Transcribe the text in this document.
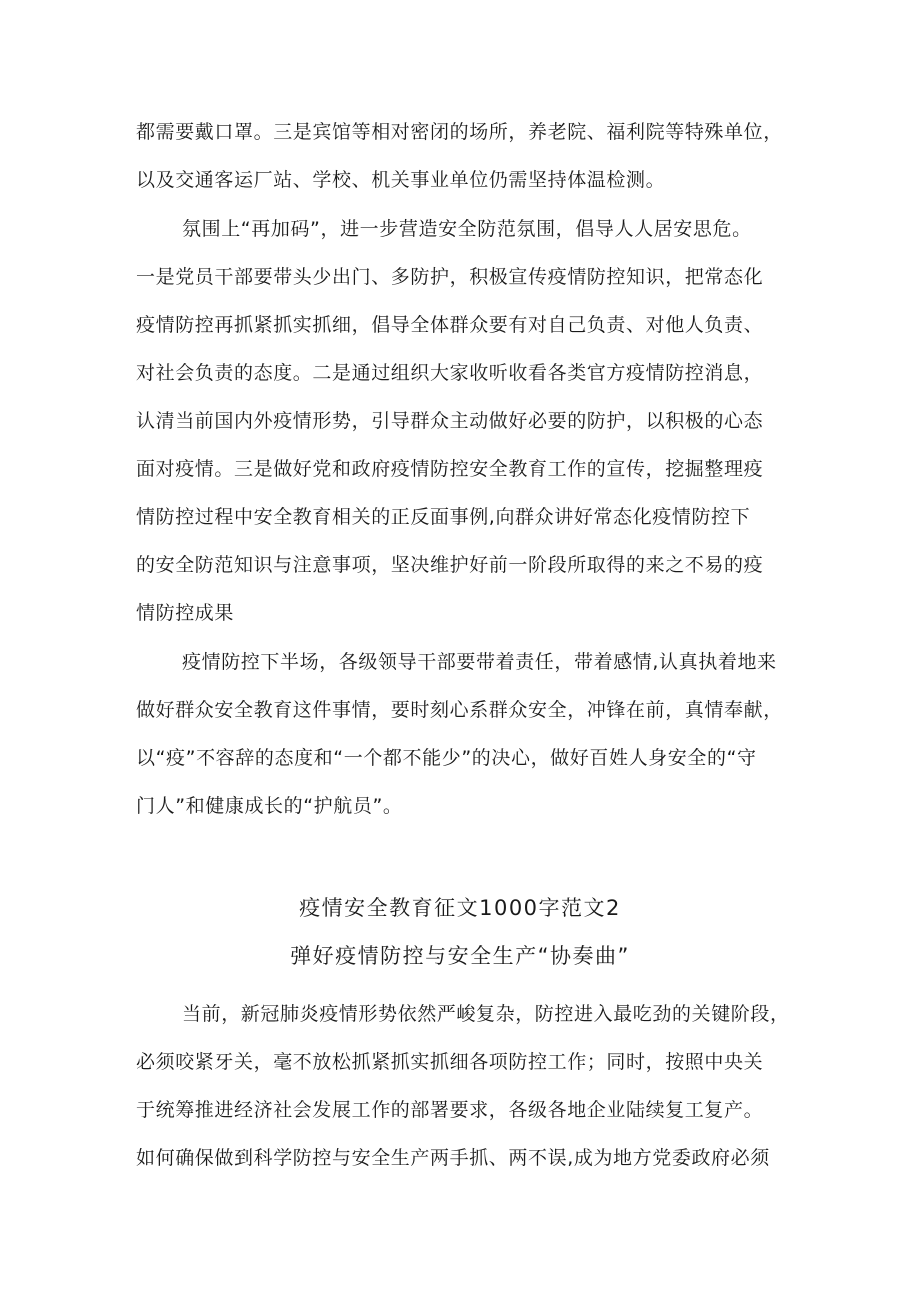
都需要戴口罩。三是宾馆等相对密闭的场所，养老院、福利院等特殊单位，
以及交通客运厂站、学校、机关事业单位仍需坚持体温检测。
氛围上“再加码”，进一步营造安全防范氛围，倡导人人居安思危。
一是党员干部要带头少出门、多防护，积极宣传疫情防控知识，把常态化
疫情防控再抓紧抓实抓细，倡导全体群众要有对自己负责、对他人负责、
对社会负责的态度。二是通过组织大家收听收看各类官方疫情防控消息，
认清当前国内外疫情形势，引导群众主动做好必要的防护，以积极的心态
面对疫情。三是做好党和政府疫情防控安全教育工作的宣传，挖掘整理疫
情防控过程中安全教育相关的正反面事例,向群众讲好常态化疫情防控下
的安全防范知识与注意事项，坚决维护好前一阶段所取得的来之不易的疫
情防控成果
疫情防控下半场，各级领导干部要带着责任，带着感情,认真执着地来
做好群众安全教育这件事情，要时刻心系群众安全，冲锋在前，真情奉献，
以“疫”不容辞的态度和“一个都不能少”的决心，做好百姓人身安全的“守
门人”和健康成长的“护航员”。
疫情安全教育征文1000字范文2
弹好疫情防控与安全生产“协奏曲”
当前，新冠肺炎疫情形势依然严峻复杂，防控进入最吃劲的关键阶段，
必须咬紧牙关，毫不放松抓紧抓实抓细各项防控工作；同时，按照中央关
于统筹推进经济社会发展工作的部署要求，各级各地企业陆续复工复产。
如何确保做到科学防控与安全生产两手抓、两不误,成为地方党委政府必须
